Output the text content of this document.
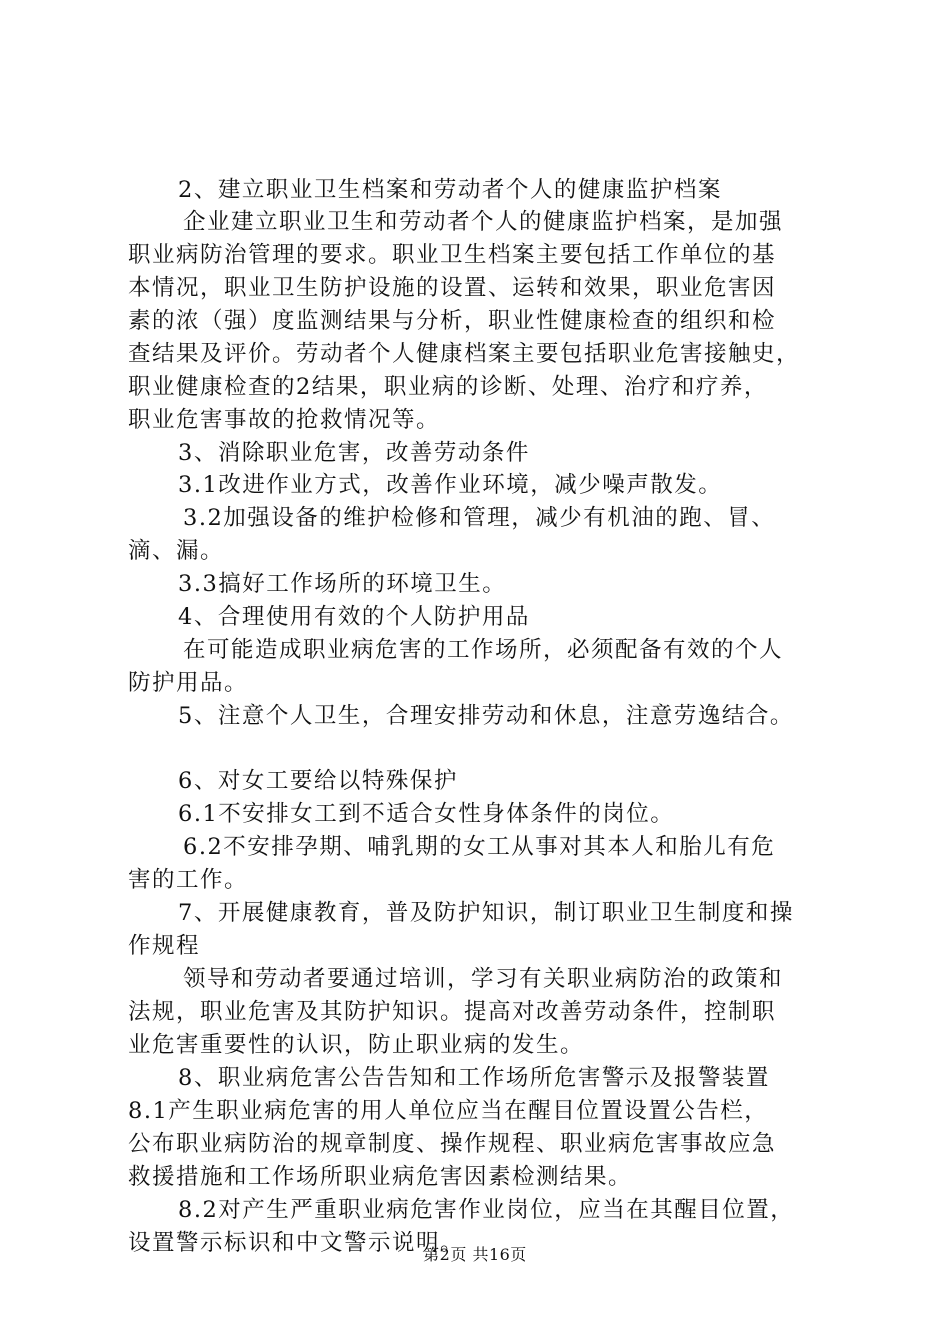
2、建立职业卫生档案和劳动者个人的健康监护档案
企业建立职业卫生和劳动者个人的健康监护档案，是加强
职业病防治管理的要求。职业卫生档案主要包括工作单位的基
本情况，职业卫生防护设施的设置、运转和效果，职业危害因
素的浓（强）度监测结果与分析，职业性健康检查的组织和检
查结果及评价。劳动者个人健康档案主要包括职业危害接触史，
职业健康检查的2结果，职业病的诊断、处理、治疗和疗养，
职业危害事故的抢救情况等。
3、消除职业危害，改善劳动条件
3.1改进作业方式，改善作业环境，减少噪声散发。
3.2加强设备的维护检修和管理，减少有机油的跑、冒、
滴、漏。
3.3搞好工作场所的环境卫生。
4、合理使用有效的个人防护用品
在可能造成职业病危害的工作场所，必须配备有效的个人
防护用品。
5、注意个人卫生，合理安排劳动和休息，注意劳逸结合。
6、对女工要给以特殊保护
6.1不安排女工到不适合女性身体条件的岗位。
6.2不安排孕期、哺乳期的女工从事对其本人和胎儿有危
害的工作。
7、开展健康教育，普及防护知识，制订职业卫生制度和操
作规程
领导和劳动者要通过培训，学习有关职业病防治的政策和
法规，职业危害及其防护知识。提高对改善劳动条件，控制职
业危害重要性的认识，防止职业病的发生。
8、职业病危害公告告知和工作场所危害警示及报警装置
8.1产生职业病危害的用人单位应当在醒目位置设置公告栏，
公布职业病防治的规章制度、操作规程、职业病危害事故应急
救援措施和工作场所职业病危害因素检测结果。
8.2对产生严重职业病危害作业岗位，应当在其醒目位置，
设置警示标识和中文警示说明。
第2页 共16页
